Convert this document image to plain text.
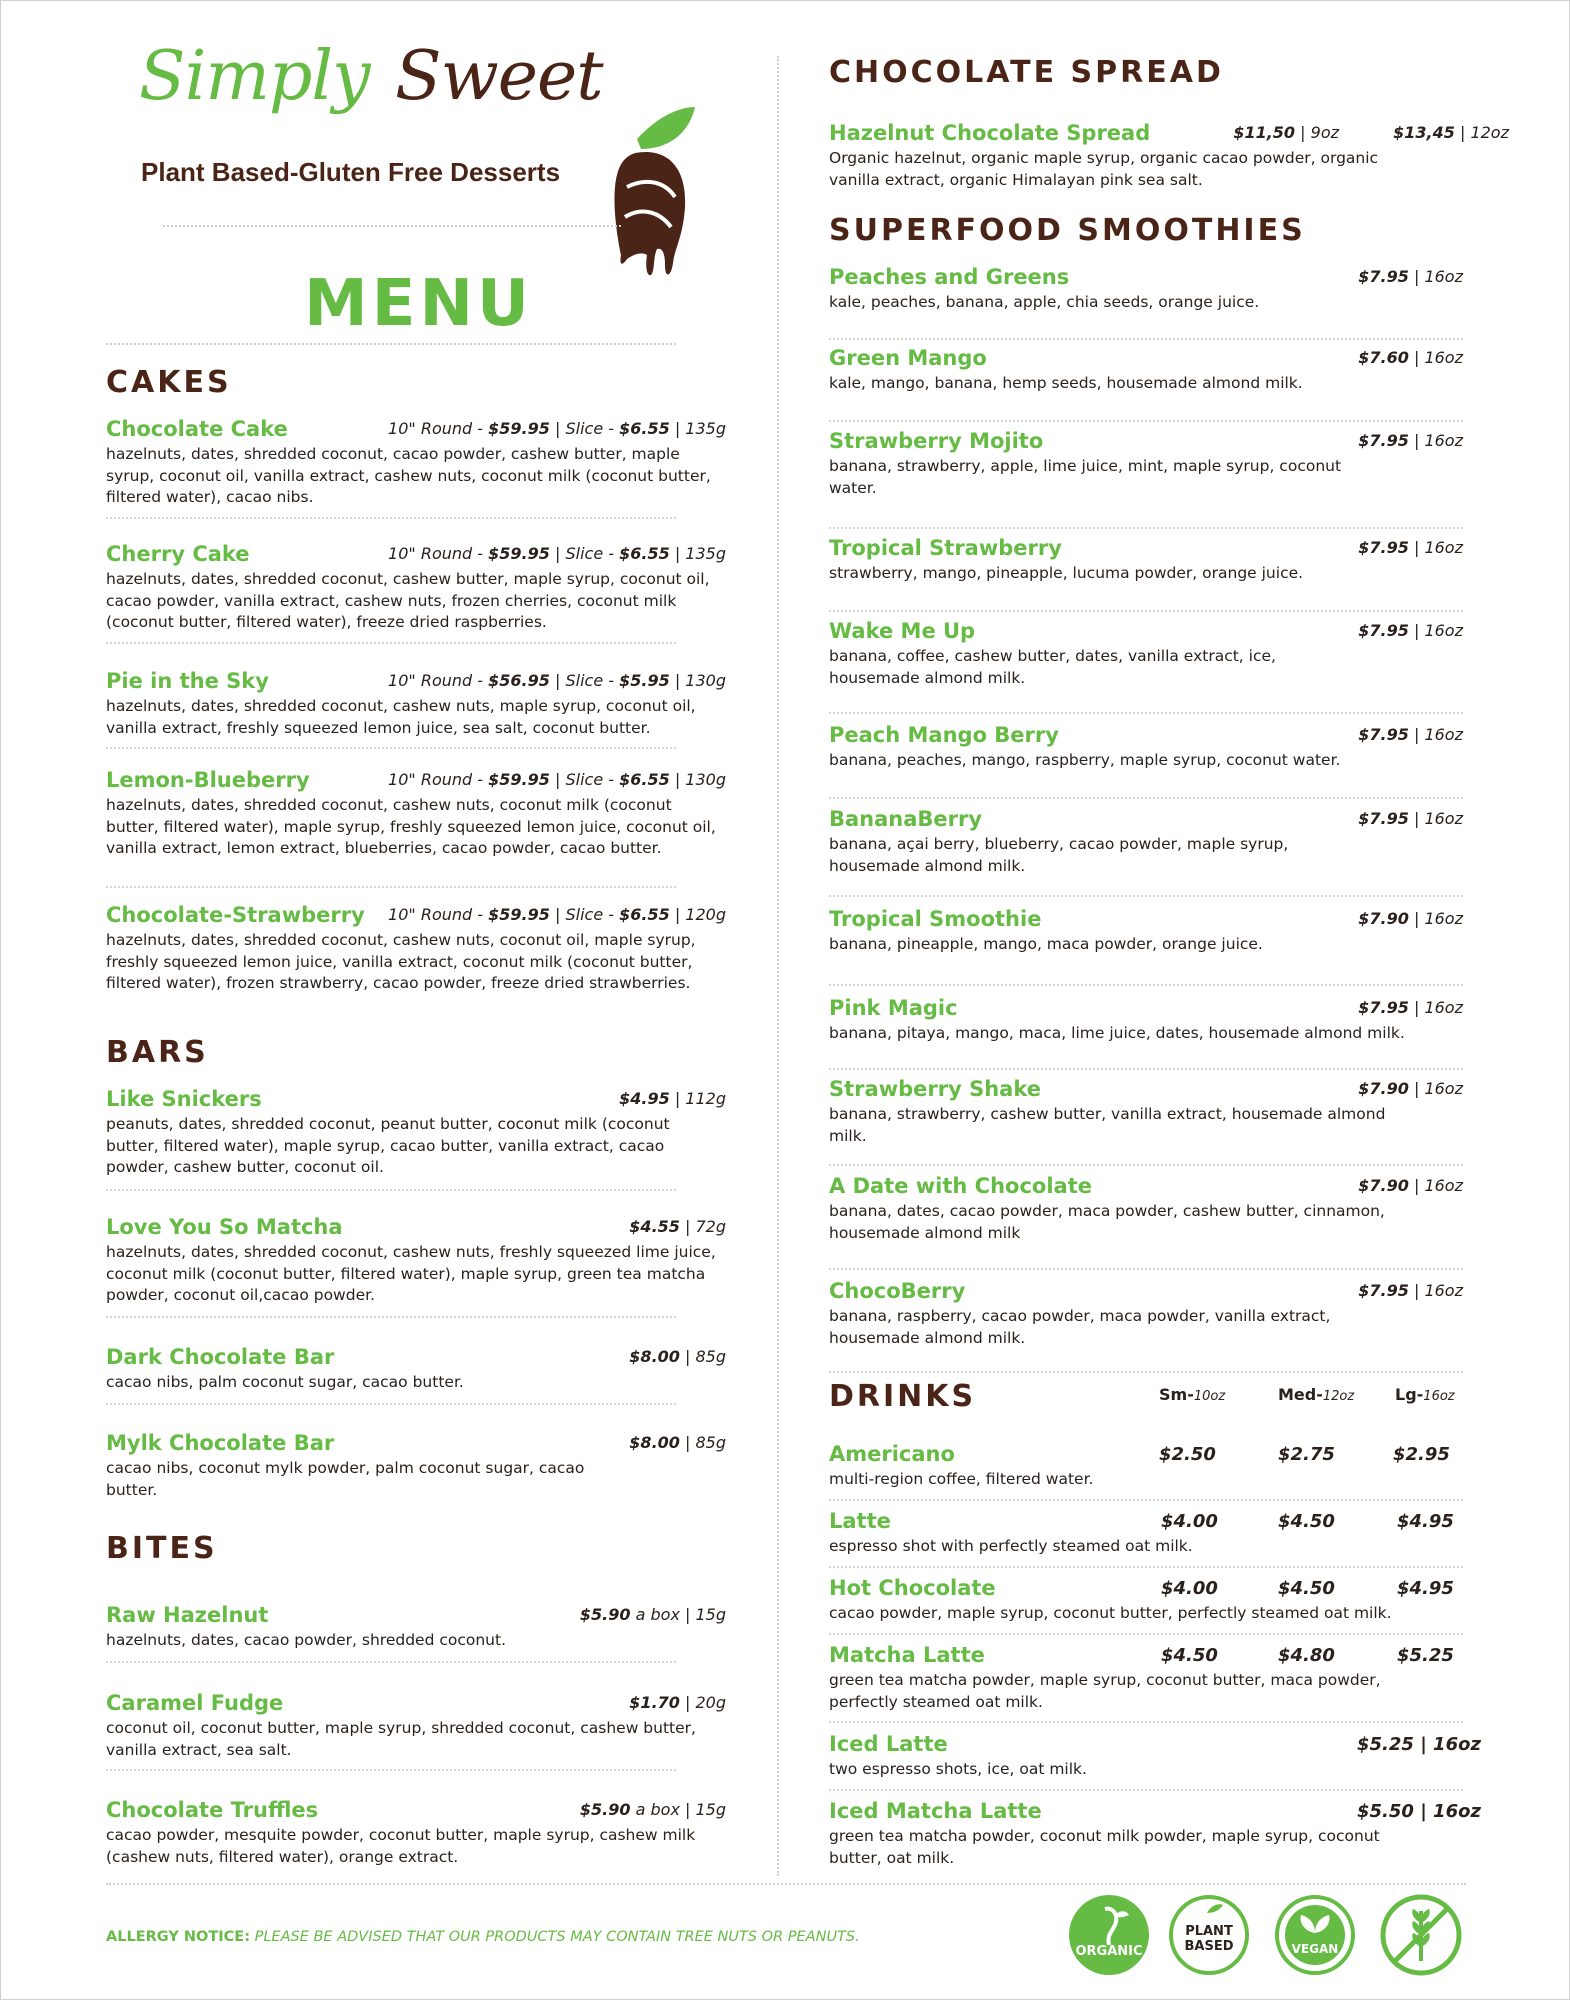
Simply Sweet
Plant Based-Gluten Free Desserts
MENU
CAKES
Chocolate Cake	10" Round - $59.95 | Slice - $6.55 | 135g
hazelnuts, dates, shredded coconut, cacao powder, cashew butter, maple syrup, coconut oil, vanilla extract, cashew nuts, coconut milk (coconut butter, filtered water), cacao nibs.
Cherry Cake	10" Round - $59.95 | Slice - $6.55 | 135g
hazelnuts, dates, shredded coconut, cashew butter, maple syrup, coconut oil, cacao powder, vanilla extract, cashew nuts, frozen cherries, coconut milk (coconut butter, filtered water), freeze dried raspberries.
Pie in the Sky	10" Round - $56.95 | Slice - $5.95 | 130g
hazelnuts, dates, shredded coconut, cashew nuts, maple syrup, coconut oil, vanilla extract, freshly squeezed lemon juice, sea salt, coconut butter.
Lemon-Blueberry	10" Round - $59.95 | Slice - $6.55 | 130g
hazelnuts, dates, shredded coconut, cashew nuts, coconut milk (coconut butter, filtered water), maple syrup, freshly squeezed lemon juice, coconut oil, vanilla extract, lemon extract, blueberries, cacao powder, cacao butter.
Chocolate-Strawberry	10" Round - $59.95 | Slice - $6.55 | 120g
hazelnuts, dates, shredded coconut, cashew nuts, coconut oil, maple syrup, freshly squeezed lemon juice, vanilla extract, coconut milk (coconut butter, filtered water), frozen strawberry, cacao powder, freeze dried strawberries.
BARS
Like Snickers	$4.95 | 112g
peanuts, dates, shredded coconut, peanut butter, coconut milk (coconut butter, filtered water), maple syrup, cacao butter, vanilla extract, cacao powder, cashew butter, coconut oil.
Love You So Matcha	$4.55 | 72g
hazelnuts, dates, shredded coconut, cashew nuts, freshly squeezed lime juice, coconut milk (coconut butter, filtered water), maple syrup, green tea matcha powder, coconut oil,cacao powder.
Dark Chocolate Bar	$8.00 | 85g
cacao nibs, palm coconut sugar, cacao butter.
Mylk Chocolate Bar	$8.00 | 85g
cacao nibs, coconut mylk powder, palm coconut sugar, cacao butter.
BITES
Raw Hazelnut	$5.90 a box | 15g
hazelnuts, dates, cacao powder, shredded coconut.
Caramel Fudge	$1.70 | 20g
coconut oil, coconut butter, maple syrup, shredded coconut, cashew butter, vanilla extract, sea salt.
Chocolate Truffles	$5.90 a box | 15g
cacao powder, mesquite powder, coconut butter, maple syrup, cashew milk (cashew nuts, filtered water), orange extract.
CHOCOLATE SPREAD
Hazelnut Chocolate Spread	$11,50 | 9oz	$13,45 | 12oz
Organic hazelnut, organic maple syrup, organic cacao powder, organic vanilla extract, organic Himalayan pink sea salt.
SUPERFOOD SMOOTHIES
Peaches and Greens	$7.95 | 16oz
kale, peaches, banana, apple, chia seeds, orange juice.
Green Mango	$7.60 | 16oz
kale, mango, banana, hemp seeds, housemade almond milk.
Strawberry Mojito	$7.95 | 16oz
banana, strawberry, apple, lime juice, mint, maple syrup, coconut water.
Tropical Strawberry	$7.95 | 16oz
strawberry, mango, pineapple, lucuma powder, orange juice.
Wake Me Up	$7.95 | 16oz
banana, coffee, cashew butter, dates, vanilla extract, ice, housemade almond milk.
Peach Mango Berry	$7.95 | 16oz
banana, peaches, mango, raspberry, maple syrup, coconut water.
BananaBerry	$7.95 | 16oz
banana, açai berry, blueberry, cacao powder, maple syrup, housemade almond milk.
Tropical Smoothie	$7.90 | 16oz
banana, pineapple, mango, maca powder, orange juice.
Pink Magic	$7.95 | 16oz
banana, pitaya, mango, maca, lime juice, dates, housemade almond milk.
Strawberry Shake	$7.90 | 16oz
banana, strawberry, cashew butter, vanilla extract, housemade almond milk.
A Date with Chocolate	$7.90 | 16oz
banana, dates, cacao powder, maca powder, cashew butter, cinnamon, housemade almond milk
ChocoBerry	$7.95 | 16oz
banana, raspberry, cacao powder, maca powder, vanilla extract, housemade almond milk.
DRINKS	Sm-10oz	Med-12oz	Lg-16oz
Americano
multi-region coffee, filtered water.
$2.50	$2.75	$2.95
Latte
espresso shot with perfectly steamed oat milk.
$4.00	$4.50	$4.95
Hot Chocolate
cacao powder, maple syrup, coconut butter, perfectly steamed oat milk.
$4.00	$4.50	$4.95
Matcha Latte
green tea matcha powder, maple syrup, coconut butter, maca powder, perfectly steamed oat milk.
$4.50	$4.80	$5.25
Iced Latte
two espresso shots, ice, oat milk.
$5.25 | 16oz
Iced Matcha Latte
green tea matcha powder, coconut milk powder, maple syrup, coconut butter, oat milk.
$5.50 | 16oz
ALLERGY NOTICE: PLEASE BE ADVISED THAT OUR PRODUCTS MAY CONTAIN TREE NUTS OR PEANUTS.
ORGANIC
PLANT
BASED	VEGAN
